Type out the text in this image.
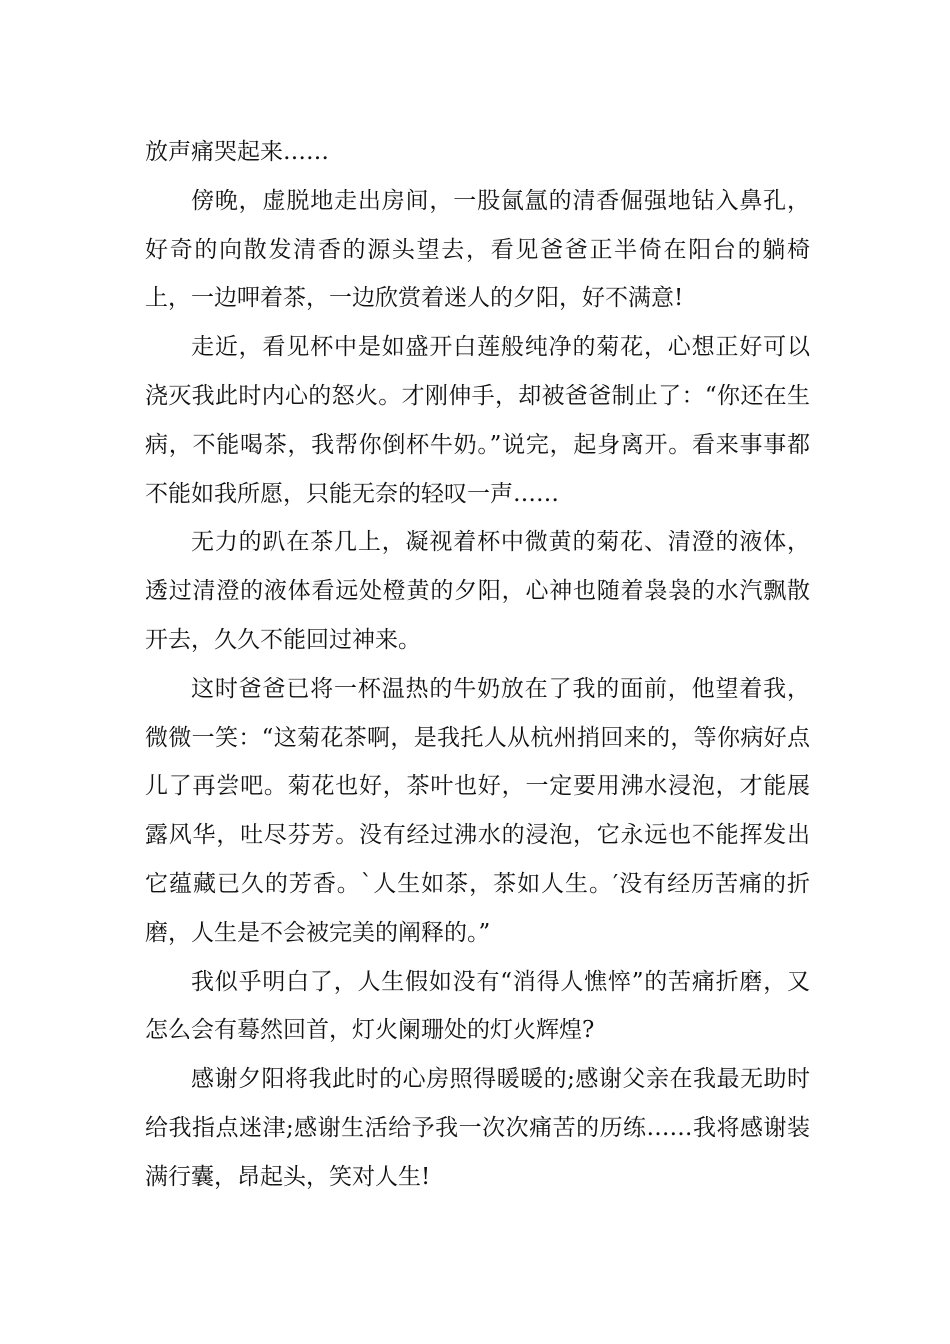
放声痛哭起来……

傍晚，虚脱地走出房间，一股氤氲的清香倔强地钻入鼻孔，好奇的向散发清香的源头望去，看见爸爸正半倚在阳台的躺椅上，一边呷着茶，一边欣赏着迷人的夕阳，好不满意!

走近，看见杯中是如盛开白莲般纯净的菊花，心想正好可以浇灭我此时内心的怒火。才刚伸手，却被爸爸制止了：“你还在生病，不能喝茶，我帮你倒杯牛奶。”说完，起身离开。看来事事都不能如我所愿，只能无奈的轻叹一声……

无力的趴在茶几上，凝视着杯中微黄的菊花、清澄的液体，透过清澄的液体看远处橙黄的夕阳，心神也随着袅袅的水汽飘散开去，久久不能回过神来。

这时爸爸已将一杯温热的牛奶放在了我的面前，他望着我，微微一笑：“这菊花茶啊，是我托人从杭州捎回来的，等你病好点儿了再尝吧。菊花也好，茶叶也好，一定要用沸水浸泡，才能展露风华，吐尽芬芳。没有经过沸水的浸泡，它永远也不能挥发出它蕴藏已久的芳香。`人生如茶，茶如人生。′没有经历苦痛的折磨，人生是不会被完美的阐释的。”

我似乎明白了，人生假如没有“消得人憔悴”的苦痛折磨，又怎么会有蓦然回首，灯火阑珊处的灯火辉煌?

感谢夕阳将我此时的心房照得暖暖的;感谢父亲在我最无助时给我指点迷津;感谢生活给予我一次次痛苦的历练……我将感谢装满行囊，昂起头，笑对人生!
